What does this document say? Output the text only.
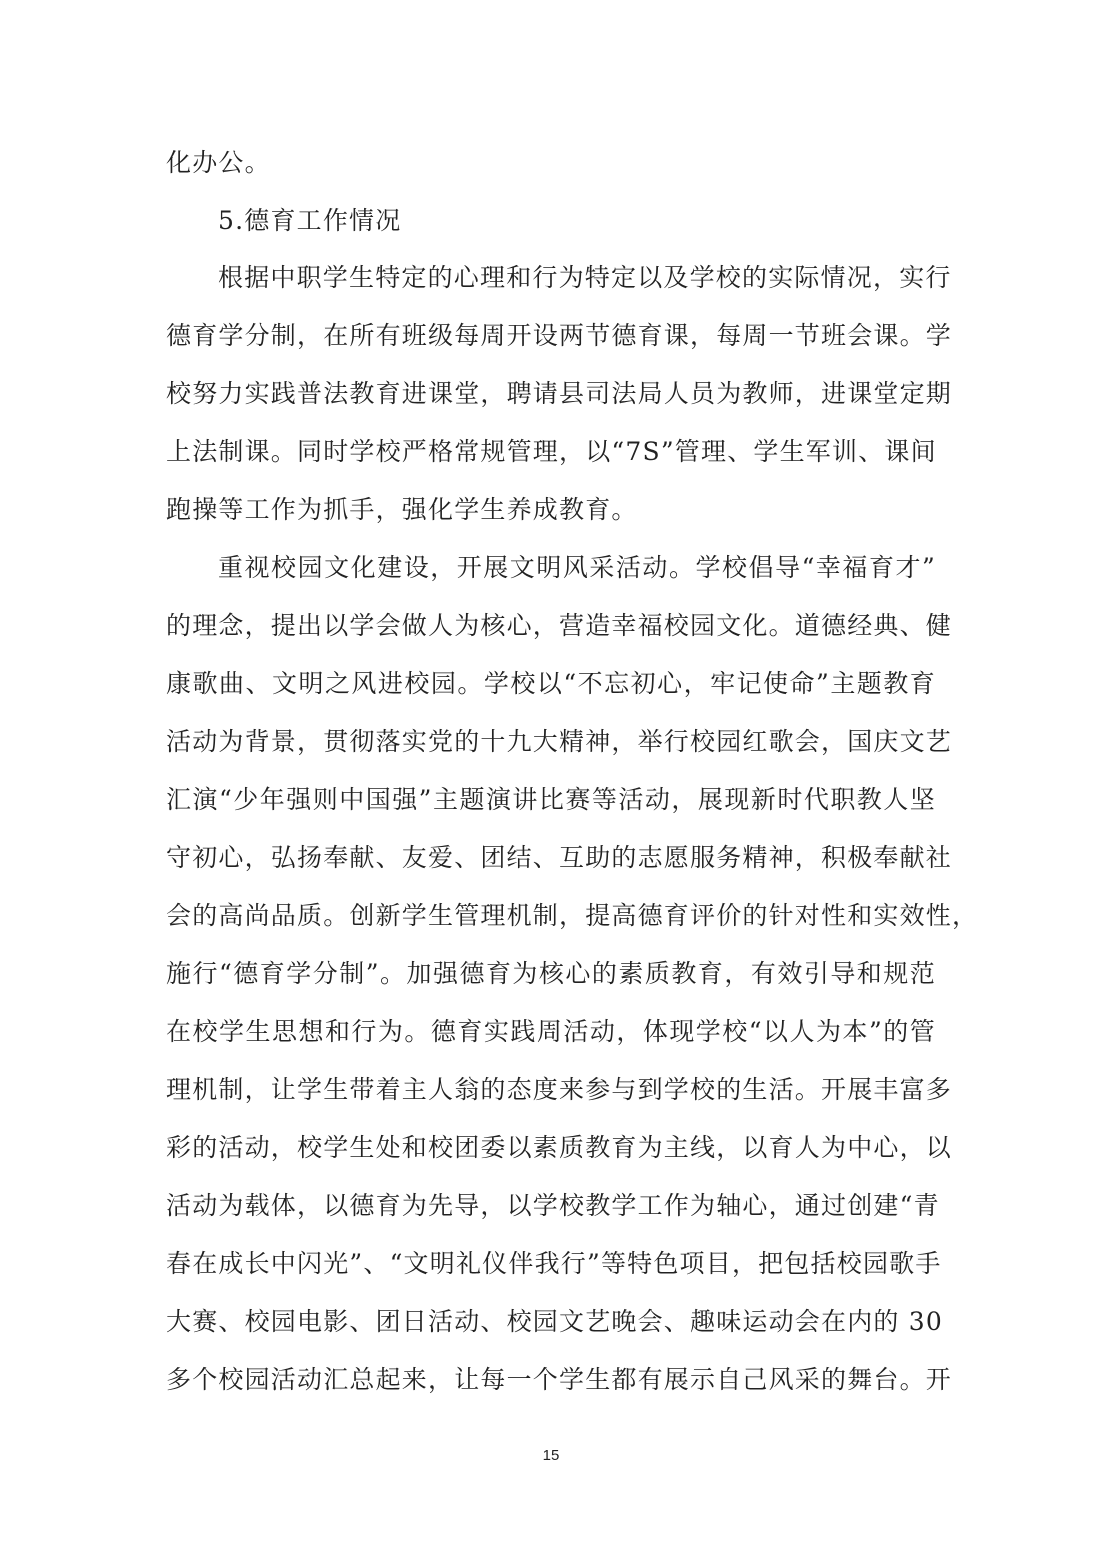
化办公。
5.德育工作情况
根据中职学生特定的心理和行为特定以及学校的实际情况，实行
德育学分制，在所有班级每周开设两节德育课，每周一节班会课。学
校努力实践普法教育进课堂，聘请县司法局人员为教师，进课堂定期
上法制课。同时学校严格常规管理，以“7S”管理、学生军训、课间
跑操等工作为抓手，强化学生养成教育。
重视校园文化建设，开展文明风采活动。学校倡导“幸福育才”
的理念，提出以学会做人为核心，营造幸福校园文化。道德经典、健
康歌曲、文明之风进校园。学校以“不忘初心，牢记使命”主题教育
活动为背景，贯彻落实党的十九大精神，举行校园红歌会，国庆文艺
汇演“少年强则中国强”主题演讲比赛等活动，展现新时代职教人坚
守初心，弘扬奉献、友爱、团结、互助的志愿服务精神，积极奉献社
会的高尚品质。创新学生管理机制，提高德育评价的针对性和实效性，
施行“德育学分制”。加强德育为核心的素质教育，有效引导和规范
在校学生思想和行为。德育实践周活动，体现学校“以人为本”的管
理机制，让学生带着主人翁的态度来参与到学校的生活。开展丰富多
彩的活动，校学生处和校团委以素质教育为主线，以育人为中心，以
活动为载体，以德育为先导，以学校教学工作为轴心，通过创建“青
春在成长中闪光”、“文明礼仪伴我行”等特色项目，把包括校园歌手
大赛、校园电影、团日活动、校园文艺晚会、趣味运动会在内的 30
多个校园活动汇总起来，让每一个学生都有展示自己风采的舞台。开
15
